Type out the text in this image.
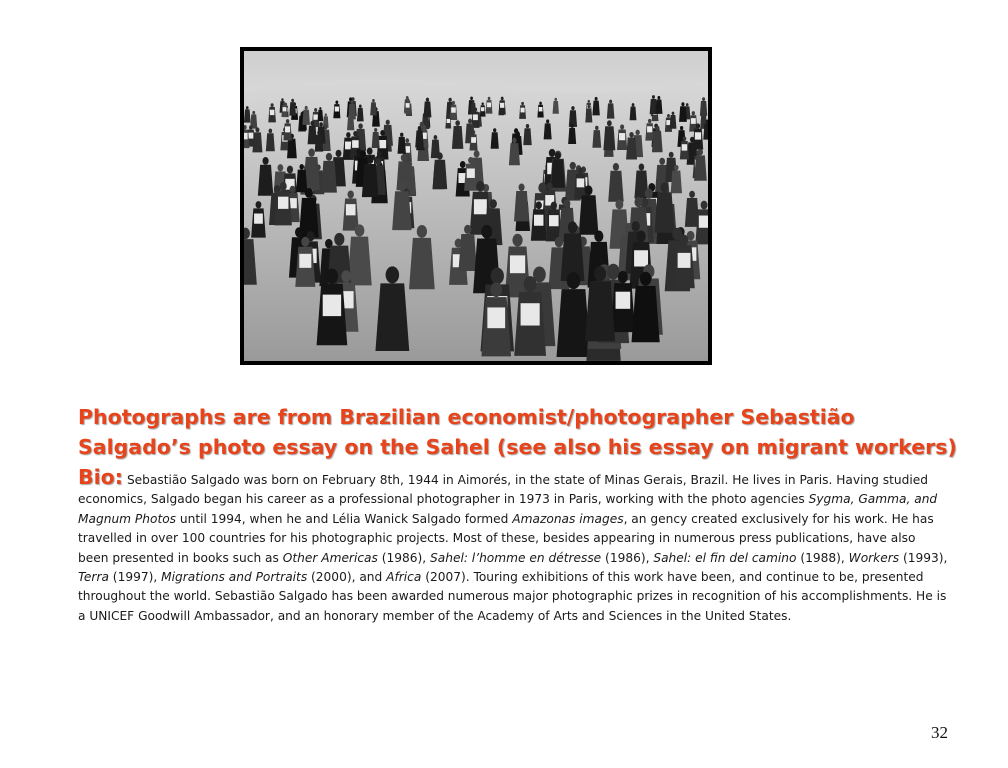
Photographs are from Brazilian economist/photographer Sebastião
Salgado’s photo essay on the Sahel (see also his essay on migrant workers)
Bio: Sebastião Salgado was born on February 8th, 1944 in Aimorés, in the state of Minas Gerais, Brazil. He lives in Paris. Having studied economics, Salgado began his career as a professional photographer in 1973 in Paris, working with the photo agencies Sygma, Gamma, and Magnum Photos until 1994, when he and Lélia Wanick Salgado formed Amazonas images, an gency created exclusively for his work. He has travelled in over 100 countries for his photographic projects. Most of these, besides appearing in numerous press publications, have also been presented in books such as Other Americas (1986), Sahel: l’homme en détresse (1986), Sahel: el fin del camino (1988), Workers (1993), Terra (1997), Migrations and Portraits (2000), and Africa (2007). Touring exhibitions of this work have been, and continue to be, presented throughout the world. Sebastião Salgado has been awarded numerous major photographic prizes in recognition of his accomplishments. He is a UNICEF Goodwill Ambassador, and an honorary member of the Academy of Arts and Sciences in the United States.
32
